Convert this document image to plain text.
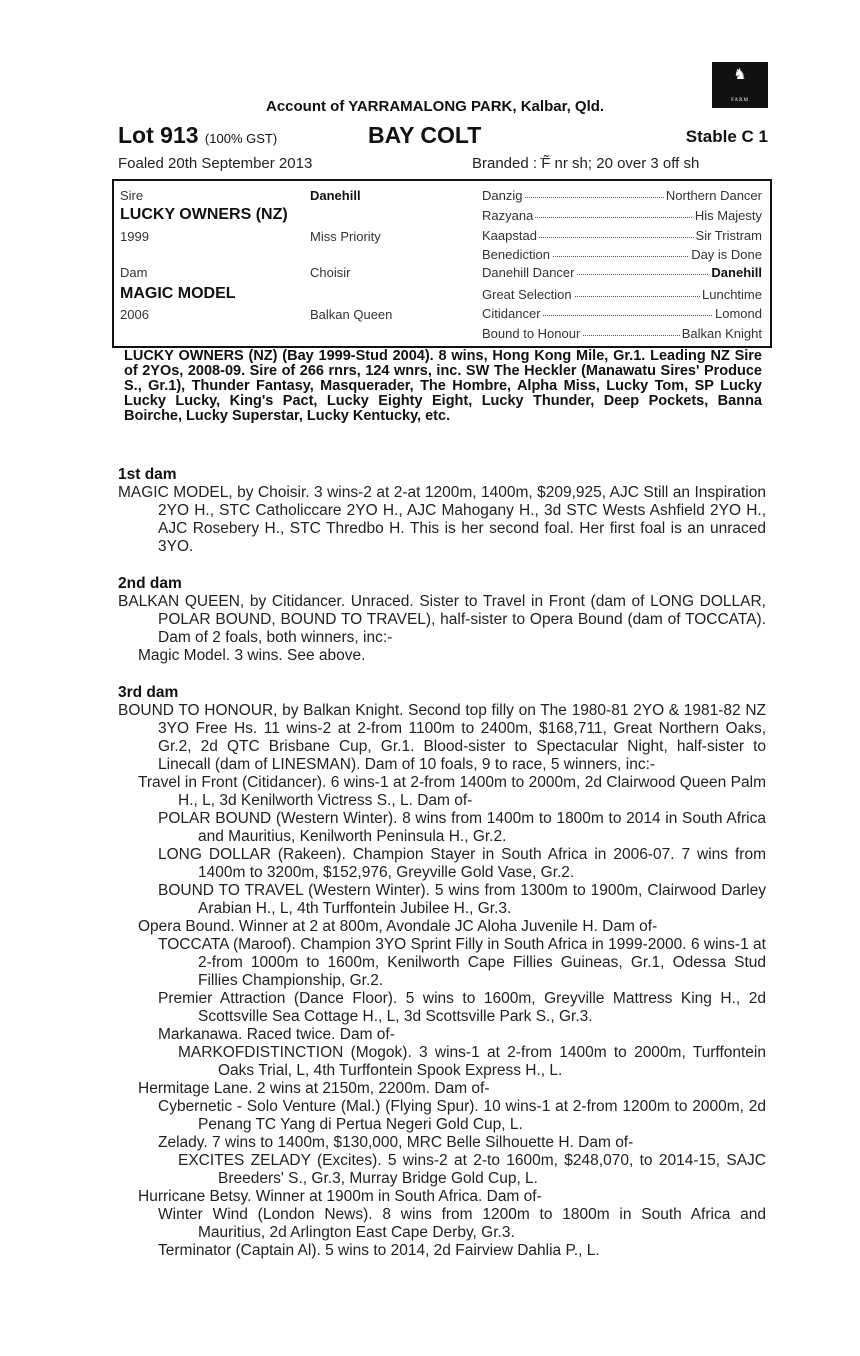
♞
BOBS
FARM
Account of YARRAMALONG PARK, Kalbar, Qld.
Lot 913 (100% GST)	BAY COLT	Stable C 1
Foaled 20th September 2013	Branded : ̇F̃ nr sh; 20 over 3 off sh
Sire	Danehill
LUCKY OWNERS (NZ)
1999	Miss Priority
Dam	Choisir
MAGIC MODEL
2006	Balkan Queen
Danzig	Northern Dancer
Razyana	His Majesty
Kaapstad	Sir Tristram
Benediction	Day is Done
Danehill Dancer	Danehill
Great Selection	Lunchtime
Citidancer	Lomond
Bound to Honour	Balkan Knight
LUCKY OWNERS (NZ) (Bay 1999-Stud 2004). 8 wins, Hong Kong Mile, Gr.1. Leading NZ Sire of 2YOs, 2008-09. Sire of 266 rnrs, 124 wnrs, inc. SW The Heckler (Manawatu Sires' Produce S., Gr.1), Thunder Fantasy, Masquerader, The Hombre, Alpha Miss, Lucky Tom, SP Lucky Lucky Lucky, King's Pact, Lucky Eighty Eight, Lucky Thunder, Deep Pockets, Banna Boirche, Lucky Superstar, Lucky Kentucky, etc.
1st dam
MAGIC MODEL, by Choisir. 3 wins-2 at 2-at 1200m, 1400m, $209,925, AJC Still an Inspiration 2YO H., STC Catholiccare 2YO H., AJC Mahogany H., 3d STC Wests Ashfield 2YO H., AJC Rosebery H., STC Thredbo H. This is her second foal. Her first foal is an unraced 3YO.
2nd dam
BALKAN QUEEN, by Citidancer. Unraced. Sister to Travel in Front (dam of LONG DOLLAR, POLAR BOUND, BOUND TO TRAVEL), half-sister to Opera Bound (dam of TOCCATA). Dam of 2 foals, both winners, inc:-
Magic Model. 3 wins. See above.
3rd dam
BOUND TO HONOUR, by Balkan Knight. Second top filly on The 1980-81 2YO & 1981-82 NZ 3YO Free Hs. 11 wins-2 at 2-from 1100m to 2400m, $168,711, Great Northern Oaks, Gr.2, 2d QTC Brisbane Cup, Gr.1. Blood-sister to Spectacular Night, half-sister to Linecall (dam of LINESMAN). Dam of 10 foals, 9 to race, 5 winners, inc:-
Travel in Front (Citidancer). 6 wins-1 at 2-from 1400m to 2000m, 2d Clairwood Queen Palm H., L, 3d Kenilworth Victress S., L. Dam of-
POLAR BOUND (Western Winter). 8 wins from 1400m to 1800m to 2014 in South Africa and Mauritius, Kenilworth Peninsula H., Gr.2.
LONG DOLLAR (Rakeen). Champion Stayer in South Africa in 2006-07. 7 wins from 1400m to 3200m, $152,976, Greyville Gold Vase, Gr.2.
BOUND TO TRAVEL (Western Winter). 5 wins from 1300m to 1900m, Clairwood Darley Arabian H., L, 4th Turffontein Jubilee H., Gr.3.
Opera Bound. Winner at 2 at 800m, Avondale JC Aloha Juvenile H. Dam of-
TOCCATA (Maroof). Champion 3YO Sprint Filly in South Africa in 1999-2000. 6 wins-1 at 2-from 1000m to 1600m, Kenilworth Cape Fillies Guineas, Gr.1, Odessa Stud Fillies Championship, Gr.2.
Premier Attraction (Dance Floor). 5 wins to 1600m, Greyville Mattress King H., 2d Scottsville Sea Cottage H., L, 3d Scottsville Park S., Gr.3.
Markanawa. Raced twice. Dam of-
MARKOFDISTINCTION (Mogok). 3 wins-1 at 2-from 1400m to 2000m, Turffontein Oaks Trial, L, 4th Turffontein Spook Express H., L.
Hermitage Lane. 2 wins at 2150m, 2200m. Dam of-
Cybernetic - Solo Venture (Mal.) (Flying Spur). 10 wins-1 at 2-from 1200m to 2000m, 2d Penang TC Yang di Pertua Negeri Gold Cup, L.
Zelady. 7 wins to 1400m, $130,000, MRC Belle Silhouette H. Dam of-
EXCITES ZELADY (Excites). 5 wins-2 at 2-to 1600m, $248,070, to 2014-15, SAJC Breeders' S., Gr.3, Murray Bridge Gold Cup, L.
Hurricane Betsy. Winner at 1900m in South Africa. Dam of-
Winter Wind (London News). 8 wins from 1200m to 1800m in South Africa and Mauritius, 2d Arlington East Cape Derby, Gr.3.
Terminator (Captain Al). 5 wins to 2014, 2d Fairview Dahlia P., L.
